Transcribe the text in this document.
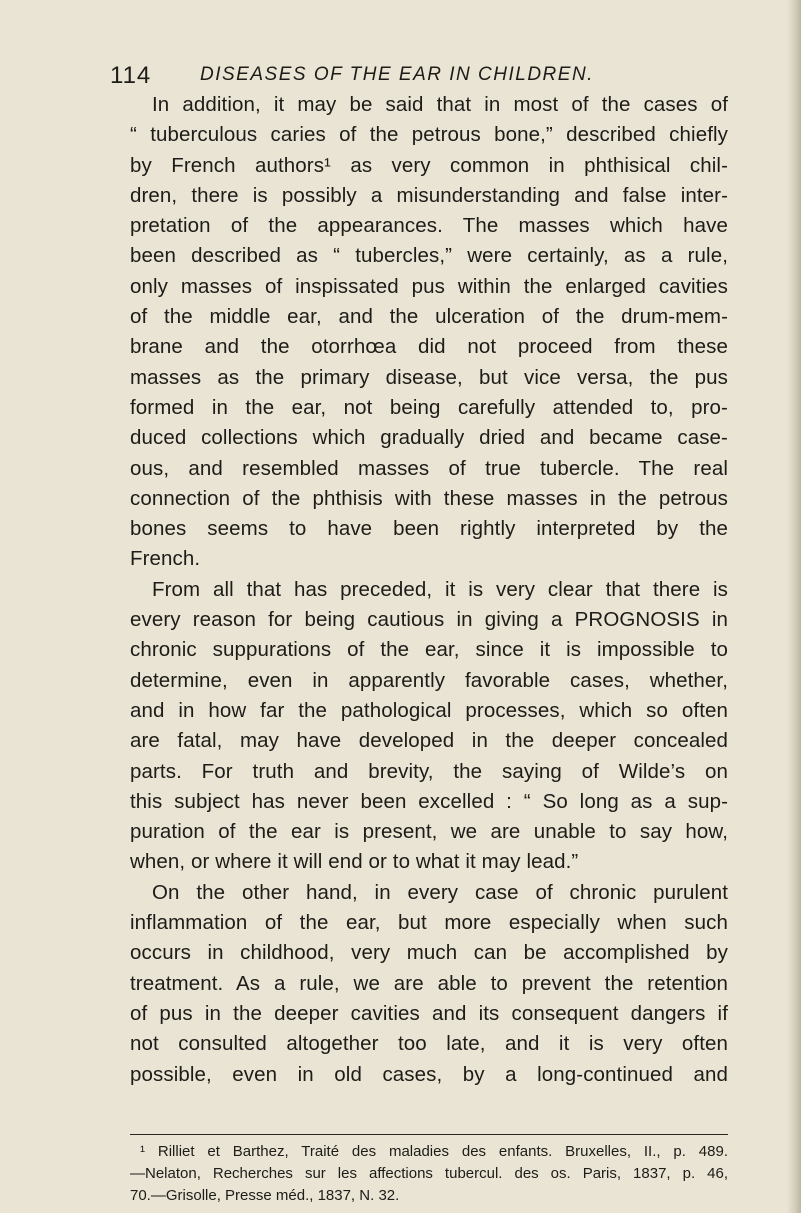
114	DISEASES OF THE EAR IN CHILDREN.
In addition, it may be said that in most of the cases of
“ tuberculous caries of the petrous bone,” described chiefly
by French authors¹ as very common in phthisical chil-
dren, there is possibly a misunderstanding and false inter-
pretation of the appearances. The masses which have
been described as “ tubercles,” were certainly, as a rule,
only masses of inspissated pus within the enlarged cavities
of the middle ear, and the ulceration of the drum-mem-
brane and the otorrhœa did not proceed from these
masses as the primary disease, but vice versa, the pus
formed in the ear, not being carefully attended to, pro-
duced collections which gradually dried and became case-
ous, and resembled masses of true tubercle. The real
connection of the phthisis with these masses in the petrous
bones seems to have been rightly interpreted by the
French.
From all that has preceded, it is very clear that there is
every reason for being cautious in giving a PROGNOSIS in
chronic suppurations of the ear, since it is impossible to
determine, even in apparently favorable cases, whether,
and in how far the pathological processes, which so often
are fatal, may have developed in the deeper concealed
parts. For truth and brevity, the saying of Wilde’s on
this subject has never been excelled : “ So long as a sup-
puration of the ear is present, we are unable to say how,
when, or where it will end or to what it may lead.”
On the other hand, in every case of chronic purulent
inflammation of the ear, but more especially when such
occurs in childhood, very much can be accomplished by
treatment. As a rule, we are able to prevent the retention
of pus in the deeper cavities and its consequent dangers if
not consulted altogether too late, and it is very often
possible, even in old cases, by a long-continued and
¹ Rilliet et Barthez, Traité des maladies des enfants. Bruxelles, II., p. 489.
—Nelaton, Recherches sur les affections tubercul. des os. Paris, 1837, p. 46,
70.—Grisolle, Presse méd., 1837, N. 32.
